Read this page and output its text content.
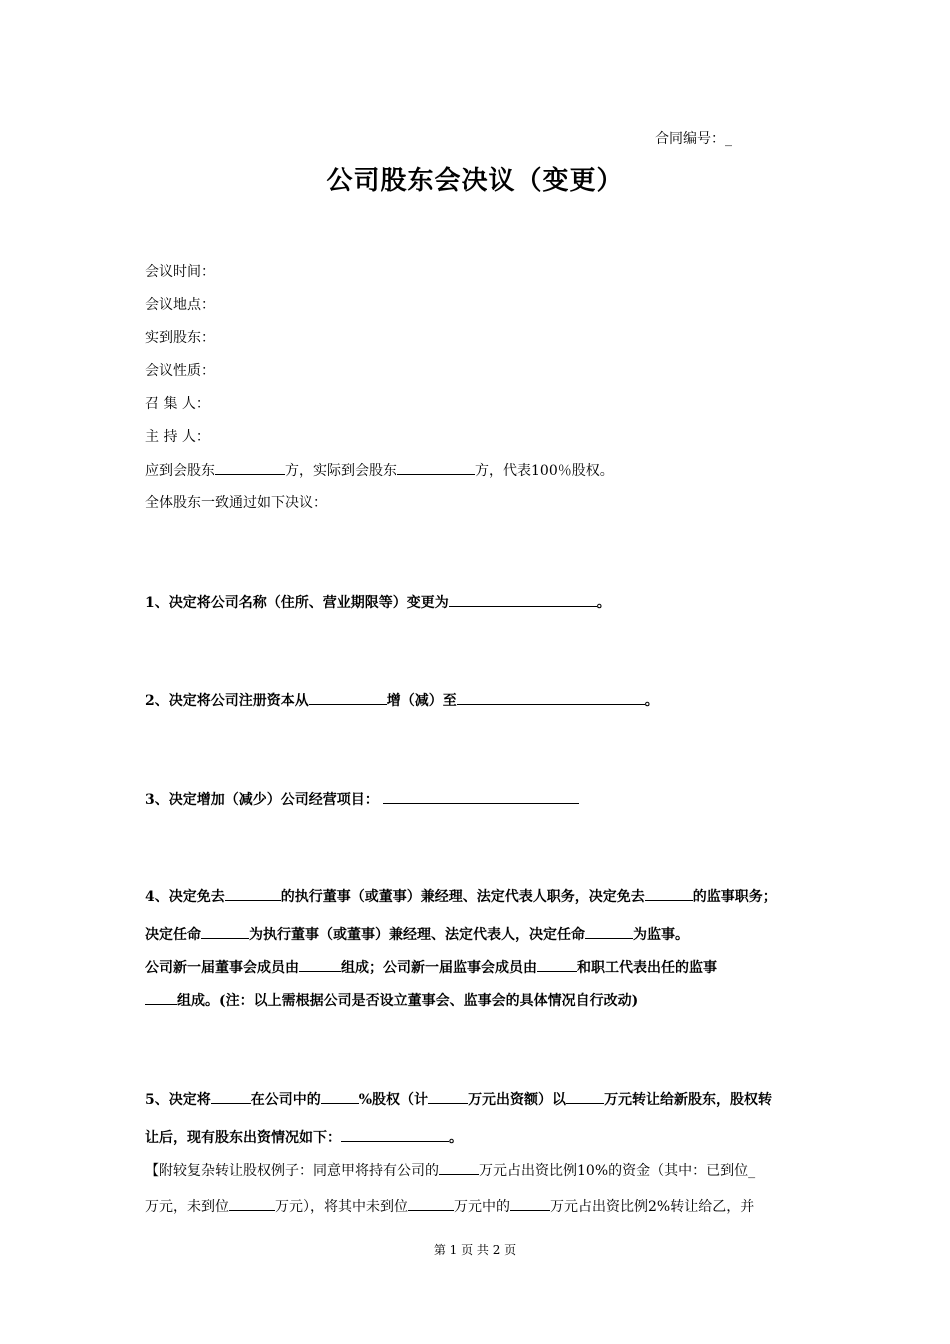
合同编号：_
公司股东会决议（变更）
会议时间：
会议地点：
实到股东：
会议性质：
召 集 人：
主 持 人：
应到会股东	方，实际到会股东	方，代表100％股权。
全体股东一致通过如下决议：
1、决定将公司名称（住所、营业期限等）变更为	。
2、决定将公司注册资本从	增（减）至	。
3、决定增加（减少）公司经营项目：
4、决定免去	的执行董事（或董事）兼经理、法定代表人职务，决定免去	的监事职务；
决定任命	为执行董事（或董事）兼经理、法定代表人，决定任命	为监事。
公司新一届董事会成员由	组成；公司新一届监事会成员由	和职工代表出任的监事
组成。(注：以上需根据公司是否设立董事会、监事会的具体情况自行改动)
5、决定将	在公司中的	%股权（计	万元出资额）以	万元转让给新股东，股权转
让后，现有股东出资情况如下：	。
【附较复杂转让股权例子：同意甲将持有公司的	万元占出资比例10%的资金（其中：已到位_
万元，未到位	万元），将其中未到位	万元中的	万元占出资比例2%转让给乙，并
第 1 页 共 2 页
